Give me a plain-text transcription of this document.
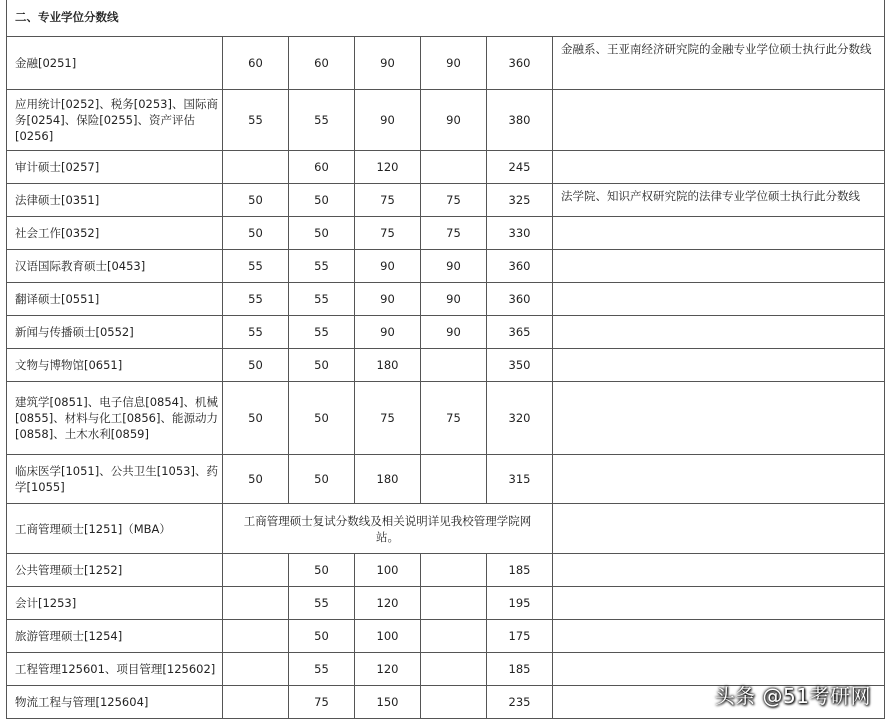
二、专业学位分数线						
金融[0251]	60	60	90	90	360	金融系、王亚南经济研究院的金融专业学位硕士执行此分数线
应用统计[0252]、税务[0253]、国际商务[0254]、保险[0255]、资产评估[0256]	55	55	90	90	380	
审计硕士[0257]		60	120		245	
法律硕士[0351]	50	50	75	75	325	法学院、知识产权研究院的法律专业学位硕士执行此分数线
社会工作[0352]	50	50	75	75	330	
汉语国际教育硕士[0453]	55	55	90	90	360	
翻译硕士[0551]	55	55	90	90	360	
新闻与传播硕士[0552]	55	55	90	90	365	
文物与博物馆[0651]	50	50	180		350	
建筑学[0851]、电子信息[0854]、机械[0855]、材料与化工[0856]、能源动力[0858]、土木水利[0859]	50	50	75	75	320	
临床医学[1051]、公共卫生[1053]、药学[1055]	50	50	180		315	
工商管理硕士[1251]（MBA）	工商管理硕士复试分数线及相关说明详见我校管理学院网站。					
公共管理硕士[1252]		50	100		185	
会计[1253]		55	120		195	
旅游管理硕士[1254]		50	100		175	
工程管理125601、项目管理[125602]		55	120		185	
物流工程与管理[125604]		75	150		235		头条 @51考研网
